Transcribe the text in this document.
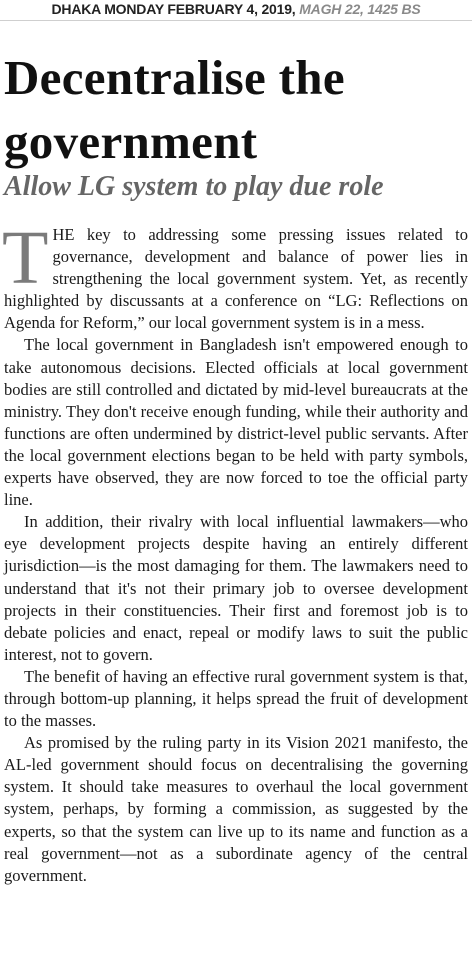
DHAKA MONDAY FEBRUARY 4, 2019, MAGH 22, 1425 BS
Decentralise the government
Allow LG system to play due role

THE key to addressing some pressing issues related to governance, development and balance of power lies in strengthening the local government system. Yet, as recently highlighted by discussants at a conference on “LG: Reflections on Agenda for Reform,” our local government system is in a mess.

The local government in Bangladesh isn't empowered enough to take autonomous decisions. Elected officials at local government bodies are still controlled and dictated by mid-level bureaucrats at the ministry. They don't receive enough funding, while their authority and functions are often undermined by district-level public servants. After the local government elections began to be held with party symbols, experts have observed, they are now forced to toe the official party line.

In addition, their rivalry with local influential lawmakers—who eye development projects despite having an entirely different jurisdiction—is the most damaging for them. The lawmakers need to understand that it's not their primary job to oversee development projects in their constituencies. Their first and foremost job is to debate policies and enact, repeal or modify laws to suit the public interest, not to govern.

The benefit of having an effective rural government system is that, through bottom-up planning, it helps spread the fruit of development to the masses.

As promised by the ruling party in its Vision 2021 manifesto, the AL-led government should focus on decentralising the governing system. It should take measures to overhaul the local government system, perhaps, by forming a commission, as suggested by the experts, so that the system can live up to its name and function as a real government—not as a subordinate agency of the central government.
